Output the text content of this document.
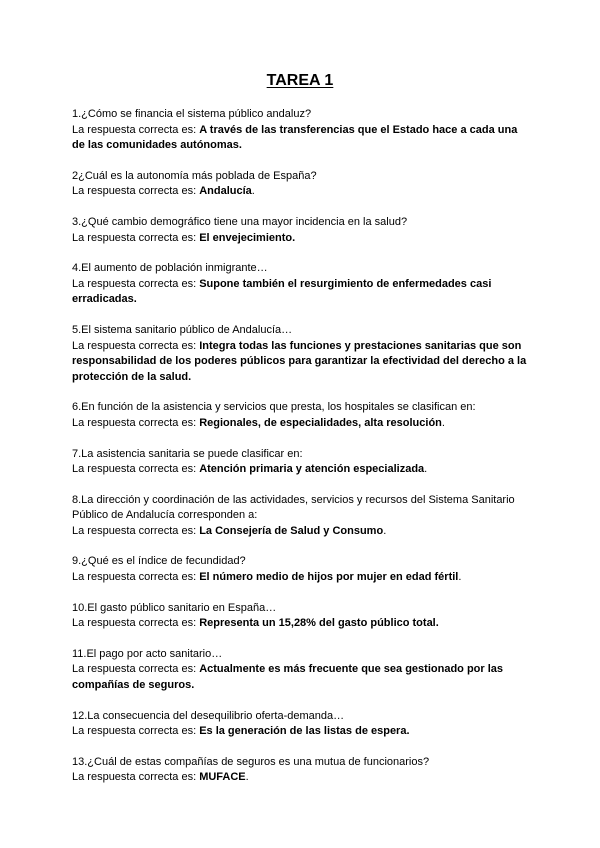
TAREA 1
1.¿Cómo se financia el sistema público andaluz?
La respuesta correcta es: A través de las transferencias que el Estado hace a cada una de las comunidades autónomas.
2¿Cuál es la autonomía más poblada de España?
La respuesta correcta es: Andalucía.
3.¿Qué cambio demográfico tiene una mayor incidencia en la salud?
La respuesta correcta es: El envejecimiento.
4.El aumento de población inmigrante…
La respuesta correcta es: Supone también el resurgimiento de enfermedades casi erradicadas.
5.El sistema sanitario público de Andalucía…
La respuesta correcta es: Integra todas las funciones y prestaciones sanitarias que son responsabilidad de los poderes públicos para garantizar la efectividad del derecho a la protección de la salud.
6.En función de la asistencia y servicios que presta, los hospitales se clasifican en:
La respuesta correcta es: Regionales, de especialidades, alta resolución.
7.La asistencia sanitaria se puede clasificar en:
La respuesta correcta es: Atención primaria y atención especializada.
8.La dirección y coordinación de las actividades, servicios y recursos del Sistema Sanitario Público de Andalucía corresponden a:
La respuesta correcta es: La Consejería de Salud y Consumo.
9.¿Qué es el índice de fecundidad?
La respuesta correcta es: El número medio de hijos por mujer en edad fértil.
10.El gasto público sanitario en España…
La respuesta correcta es: Representa un 15,28% del gasto público total.
11.El pago por acto sanitario…
La respuesta correcta es: Actualmente es más frecuente que sea gestionado por las compañías de seguros.
12.La consecuencia del desequilibrio oferta-demanda…
La respuesta correcta es: Es la generación de las listas de espera.
13.¿Cuál de estas compañías de seguros es una mutua de funcionarios?
La respuesta correcta es: MUFACE.
